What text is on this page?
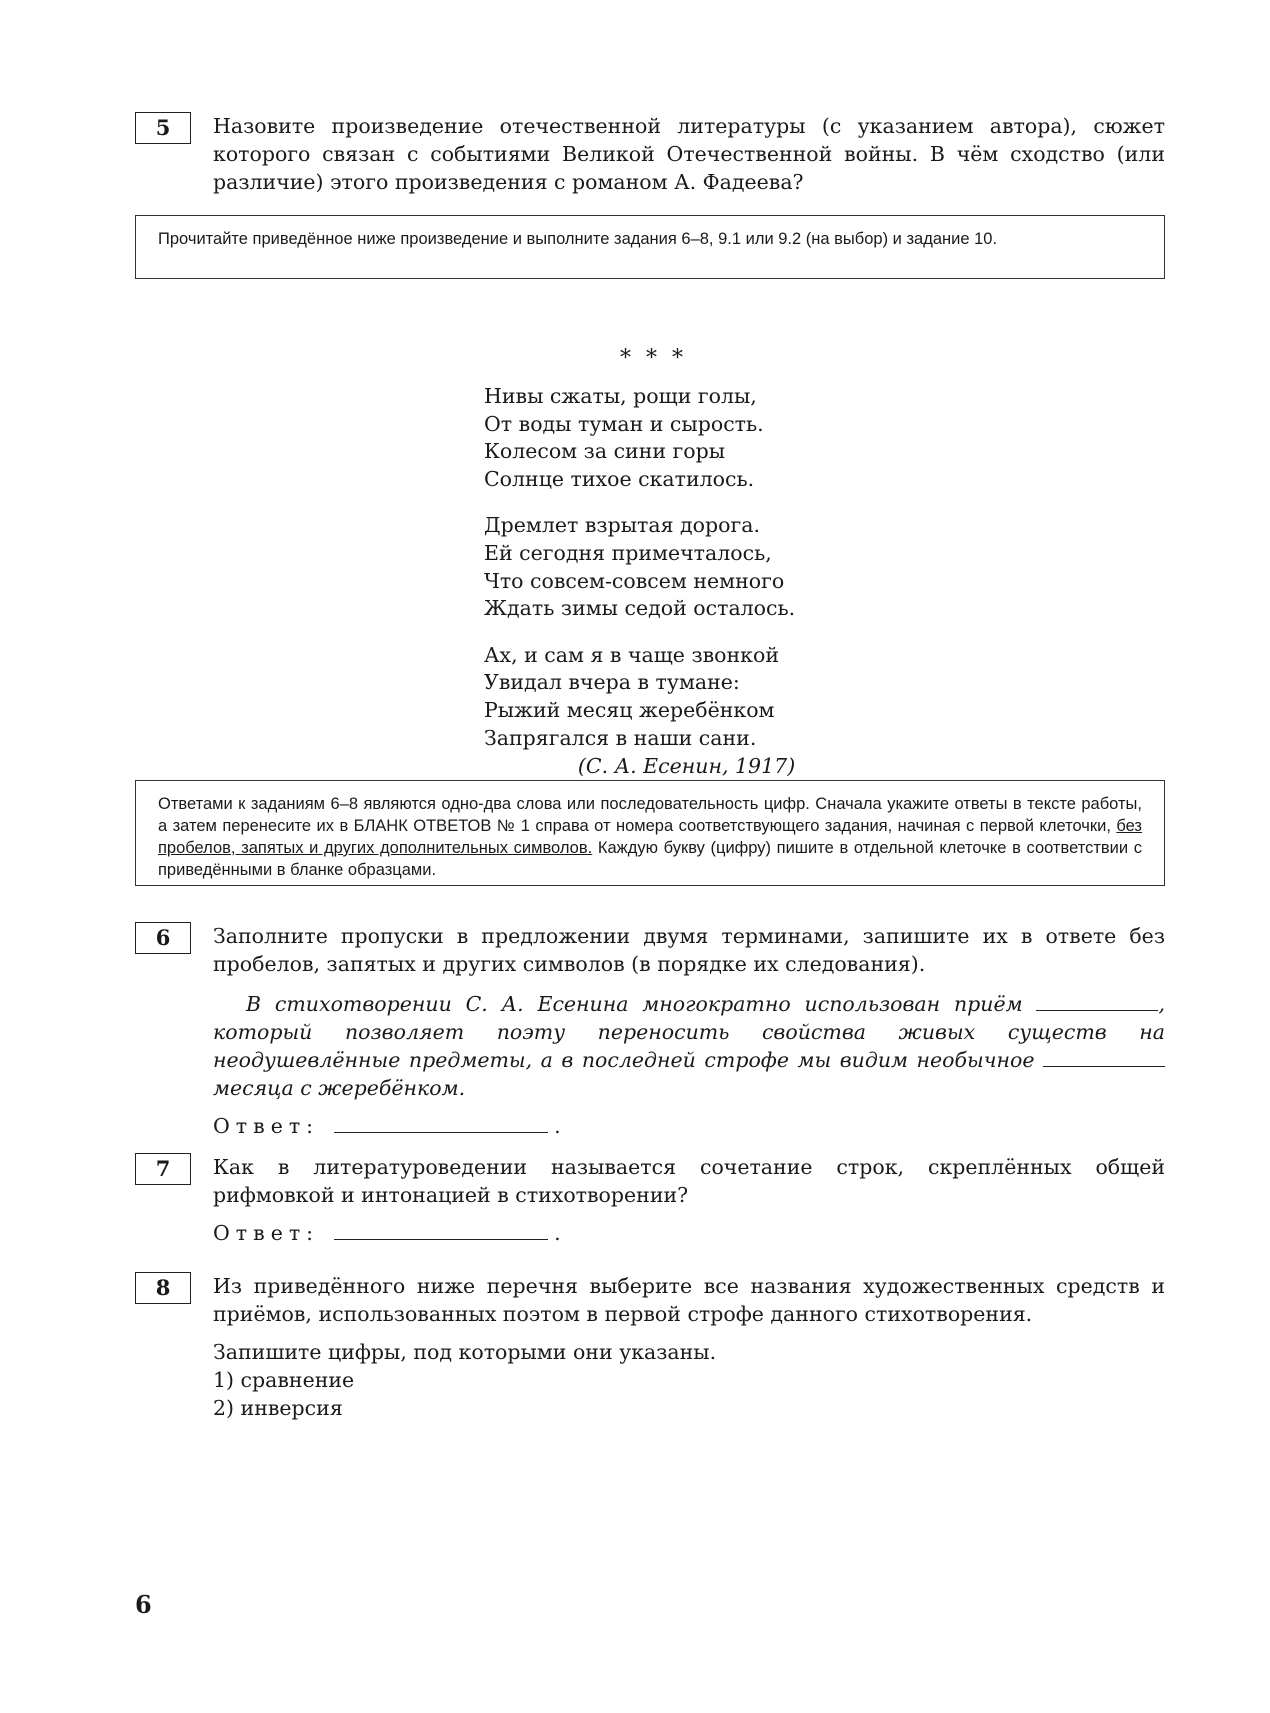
5	Назовите произведение отечественной литературы (с указанием автора), сюжет которого связан с событиями Великой Отечественной войны. В чём сходство (или различие) этого произведения с романом А. Фадеева?

Прочитайте приведённое ниже произведение и выполните задания 6–8, 9.1 или 9.2 (на выбор) и задание 10.

* * *
Нивы сжаты, рощи голы,
От воды туман и сырость.
Колесом за сини горы
Солнце тихое скатилось.
Дремлет взрытая дорога.
Ей сегодня примечталось,
Что совсем-совсем немного
Ждать зимы седой осталось.
Ах, и сам я в чаще звонкой
Увидал вчера в тумане:
Рыжий месяц жеребёнком
Запрягался в наши сани.
(С. А. Есенин, 1917)

Ответами к заданиям 6–8 являются одно-два слова или последовательность цифр. Сначала укажите ответы в тексте работы, а затем перенесите их в БЛАНК ОТВЕТОВ № 1 справа от номера соответствующего задания, начиная с первой клеточки, без пробелов, запятых и других дополнительных символов. Каждую букву (цифру) пишите в отдельной клеточке в соответствии с приведёнными в бланке образцами.

6	Заполните пропуски в предложении двумя терминами, запишите их в ответе без пробелов, запятых и других символов (в порядке их следования).

В стихотворении С. А. Есенина многократно использован приём	, который позволяет поэту переносить свойства живых существ на неодушевлённые предметы, а в последней строфе мы видим необычное  месяца с жеребёнком.

Ответ:	.

7	Как в литературоведении называется сочетание строк, скреплённых общей рифмовкой и интонацией в стихотворении?

Ответ:	.

8	Из приведённого ниже перечня выберите все названия художественных средств и приёмов, использованных поэтом в первой строфе данного стихотворения.

Запишите цифры, под которыми они указаны.

1) сравнение

2) инверсия

6
